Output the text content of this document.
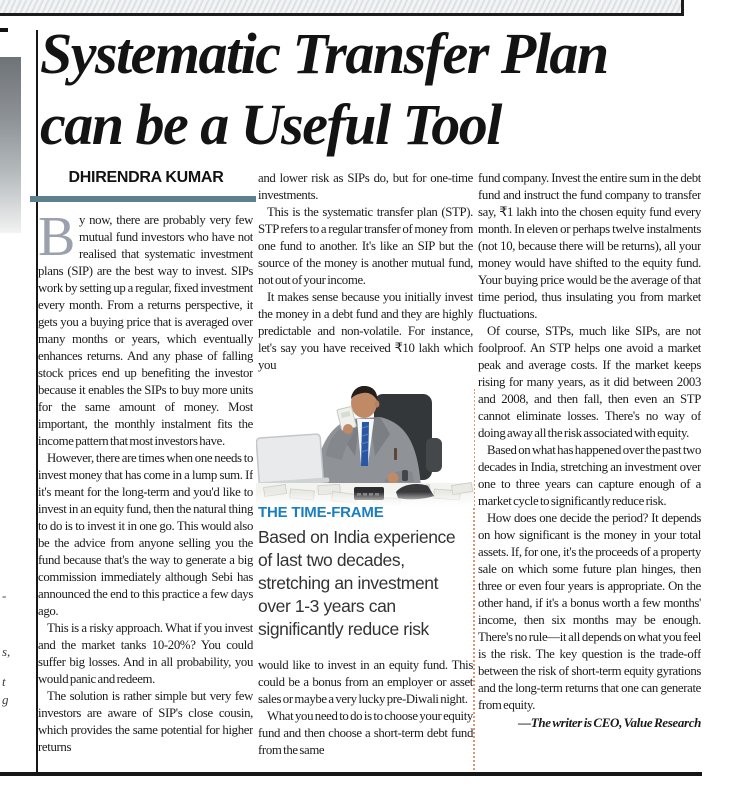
-
s,
t
g
Systematic Transfer Plan
can be a Useful Tool
DHIRENDRA KUMAR

By now, there are probably very few mutual fund investors who have not realised that systematic investment plans (SIP) are the best way to invest. SIPs work by setting up a regular, fixed investment every month. From a returns perspective, it gets you a buying price that is averaged over many months or years, which eventually enhances returns. And any phase of falling stock prices end up benefiting the investor because it enables the SIPs to buy more units for the same amount of money. Most important, the monthly instalment fits the income pattern that most investors have.

However, there are times when one needs to invest money that has come in a lump sum. If it's meant for the long-term and you'd like to invest in an equity fund, then the natural thing to do is to invest it in one go. This would also be the advice from anyone selling you the fund because that's the way to generate a big commission immediately although Sebi has announced the end to this practice a few days ago.

This is a risky approach. What if you invest and the market tanks 10-20%? You could suffer big losses. And in all probability, you would panic and redeem.

The solution is rather simple but very few investors are aware of SIP's close cousin, which provides the same potential for higher returns

and lower risk as SIPs do, but for one-time investments.

This is the systematic transfer plan (STP). STP refers to a regular transfer of money from one fund to another. It's like an SIP but the source of the money is another mutual fund, not out of your income.

It makes sense because you initially invest the money in a debt fund and they are highly predictable and non-volatile. For instance, let's say you have received ₹10 lakh which you

THE TIME-FRAME

Based on India experience of last two decades, stretching an investment over 1-3 years can significantly reduce risk

would like to invest in an equity fund. This could be a bonus from an employer or asset sales or maybe a very lucky pre-Diwali night.

What you need to do is to choose your equity fund and then choose a short-term debt fund from the same

fund company. Invest the entire sum in the debt fund and instruct the fund company to transfer say, ₹1 lakh into the chosen equity fund every month. In eleven or perhaps twelve instalments (not 10, because there will be returns), all your money would have shifted to the equity fund. Your buying price would be the average of that time period, thus insulating you from market fluctuations.

Of course, STPs, much like SIPs, are not foolproof. An STP helps one avoid a market peak and average costs. If the market keeps rising for many years, as it did between 2003 and 2008, and then fall, then even an STP cannot eliminate losses. There's no way of doing away all the risk associated with equity.

Based on what has happened over the past two decades in India, stretching an investment over one to three years can capture enough of a market cycle to significantly reduce risk.

How does one decide the period? It depends on how significant is the money in your total assets. If, for one, it's the proceeds of a property sale on which some future plan hinges, then three or even four years is appropriate. On the other hand, if it's a bonus worth a few months' income, then six months may be enough. There's no rule—it all depends on what you feel is the risk. The key question is the trade-off between the risk of short-term equity gyrations and the long-term returns that one can generate from equity.

—The writer is CEO, Value Research
